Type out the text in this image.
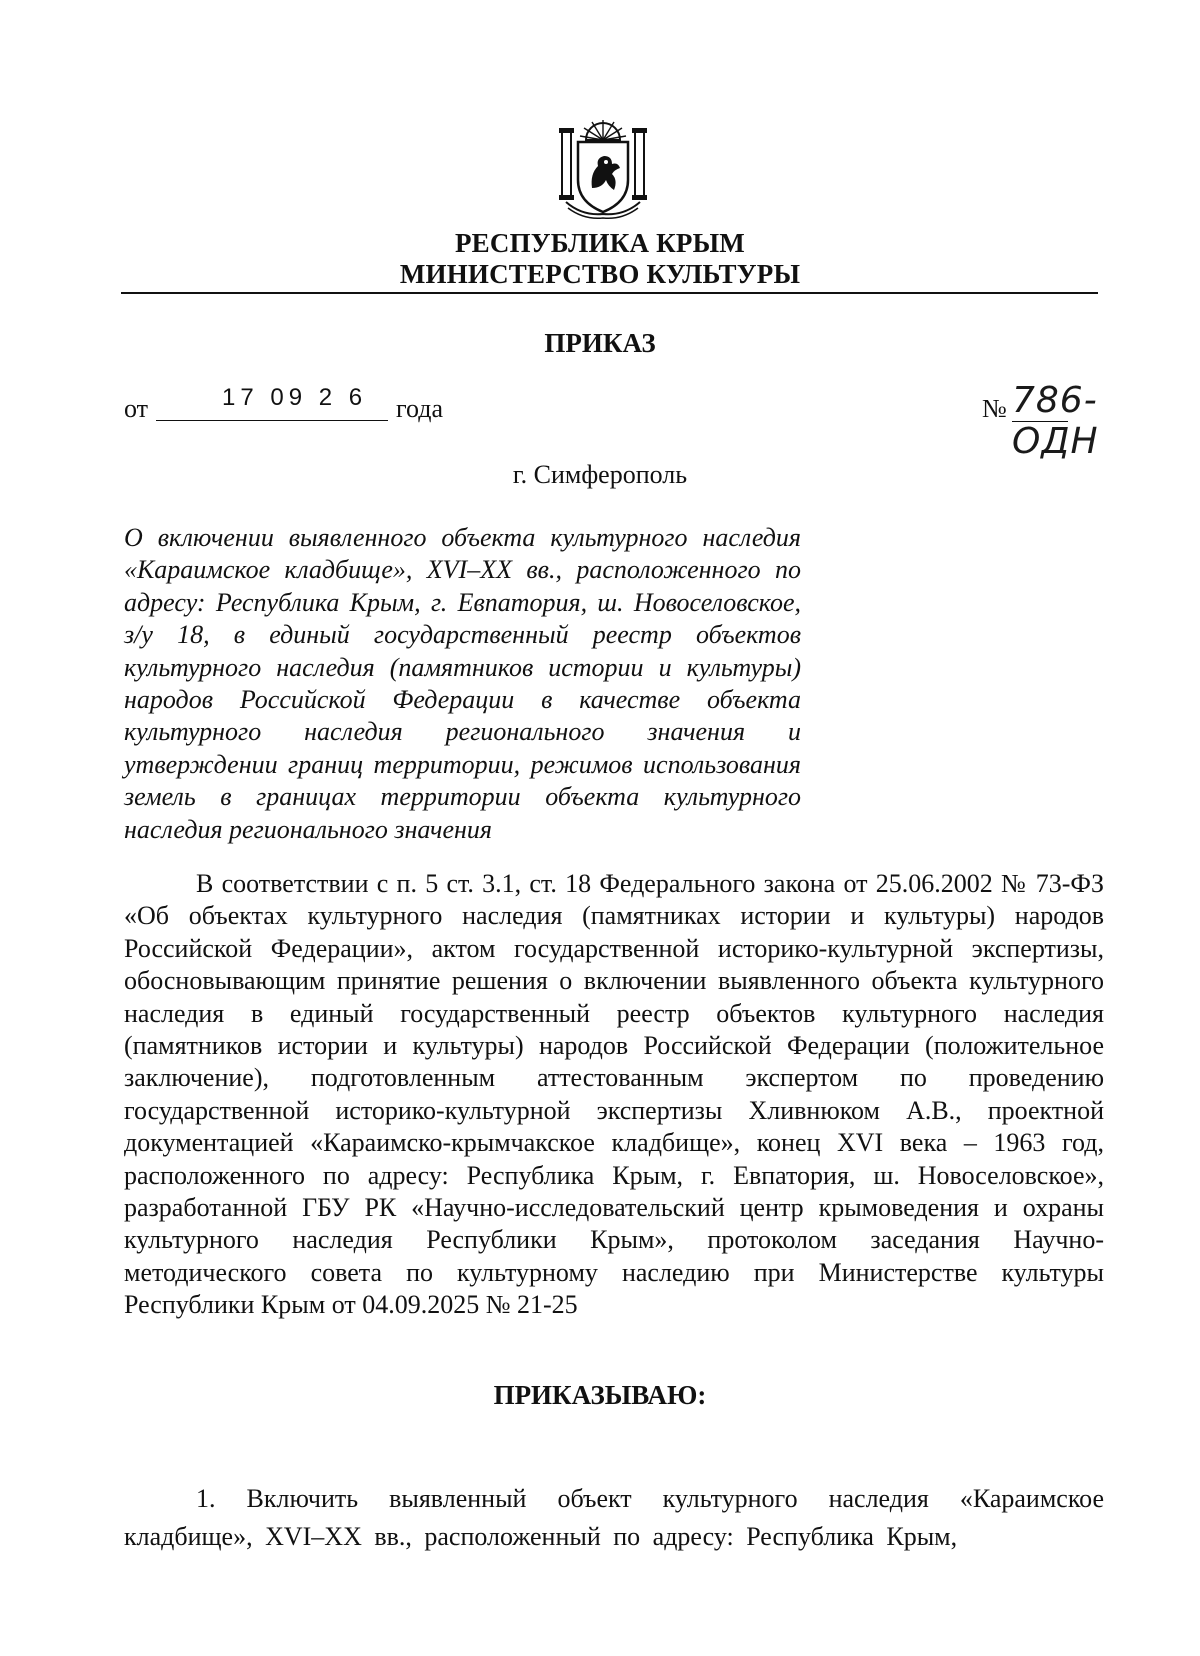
РЕСПУБЛИКА КРЫМ
МИНИСТЕРСТВО КУЛЬТУРЫ
ПРИКАЗ
от	17 09 2 6 года	№ 786-ОДН
г. Симферополь
О включении выявленного объекта культурного наследия «Караимское кладбище», XVI–XX вв., расположенного по адресу: Республика Крым, г. Евпатория, ш. Новоселовское, з/у 18, в единый государственный реестр объектов культурного наследия (памятников истории и культуры) народов Российской Федерации в качестве объекта культурного наследия регионального значения и утверждении границ территории, режимов использования земель в границах территории объекта культурного наследия регионального значения
В соответствии с п. 5 ст. 3.1, ст. 18 Федерального закона от 25.06.2002 № 73-ФЗ «Об объектах культурного наследия (памятниках истории и культуры) народов Российской Федерации», актом государственной историко-культурной экспертизы, обосновывающим принятие решения о включении выявленного объекта культурного наследия в единый государственный реестр объектов культурного наследия (памятников истории и культуры) народов Российской Федерации (положительное заключение), подготовленным аттестованным экспертом по проведению государственной историко-культурной экспертизы Хливнюком А.В., проектной документацией «Караимско-крымчакское кладбище», конец XVI века – 1963 год, расположенного по адресу: Республика Крым, г. Евпатория, ш. Новоселовское», разработанной ГБУ РК «Научно-исследовательский центр крымоведения и охраны культурного наследия Республики Крым», протоколом заседания Научно-методического совета по культурному наследию при Министерстве культуры Республики Крым от 04.09.2025 № 21-25
ПРИКАЗЫВАЮ:
1. Включить выявленный объект культурного наследия «Караимское кладбище», XVI–XX вв., расположенный по адресу: Республика Крым,
